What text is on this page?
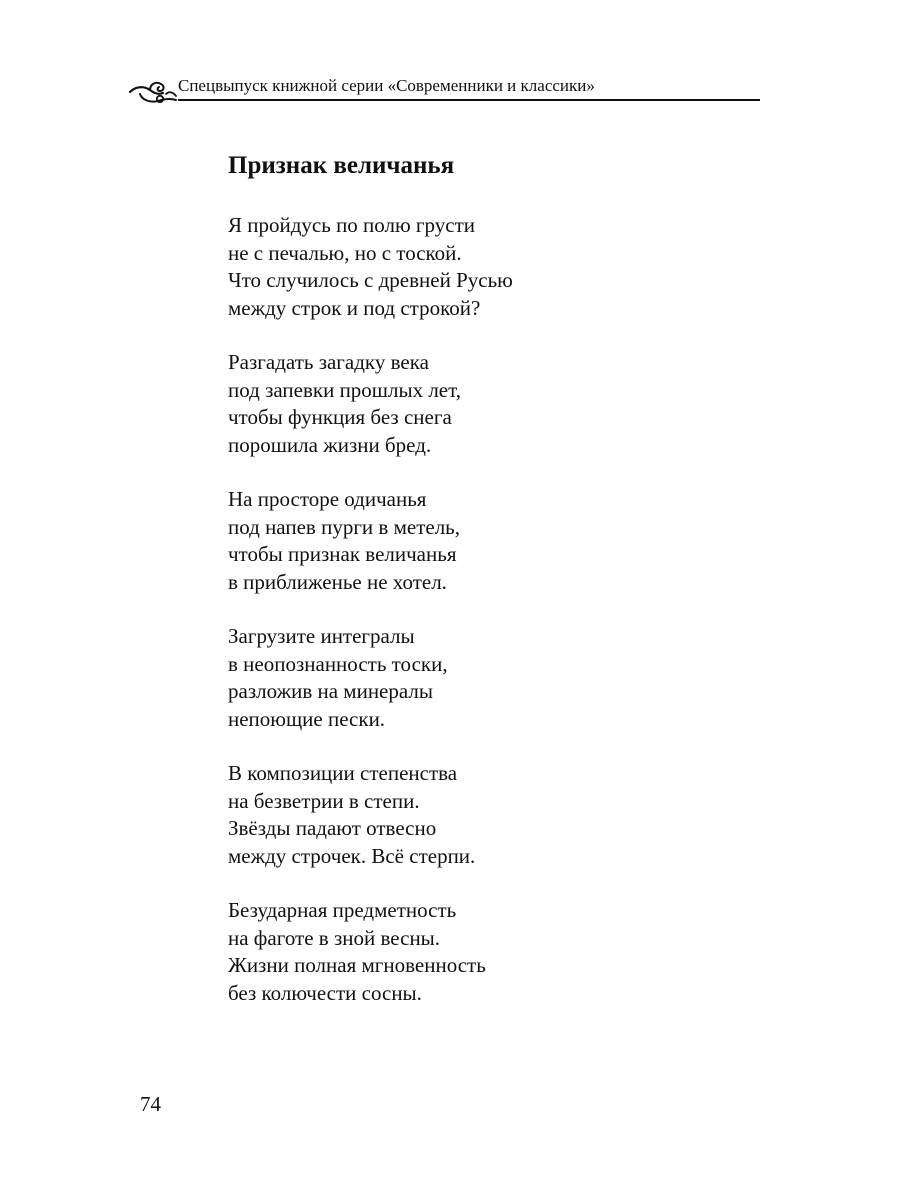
Спецвыпуск книжной серии «Современники и классики»
Признак величанья
Я пройдусь по полю грусти
не с печалью, но с тоской.
Что случилось с древней Русью
между строк и под строкой?
Разгадать загадку века
под запевки прошлых лет,
чтобы функция без снега
порошила жизни бред.
На просторе одичанья
под напев пурги в метель,
чтобы признак величанья
в приближенье не хотел.
Загрузите интегралы
в неопознанность тоски,
разложив на минералы
непоющие пески.
В композиции степенства
на безветрии в степи.
Звёзды падают отвесно
между строчек. Всё стерпи.
Безударная предметность
на фаготе в зной весны.
Жизни полная мгновенность
без колючести сосны.
74
